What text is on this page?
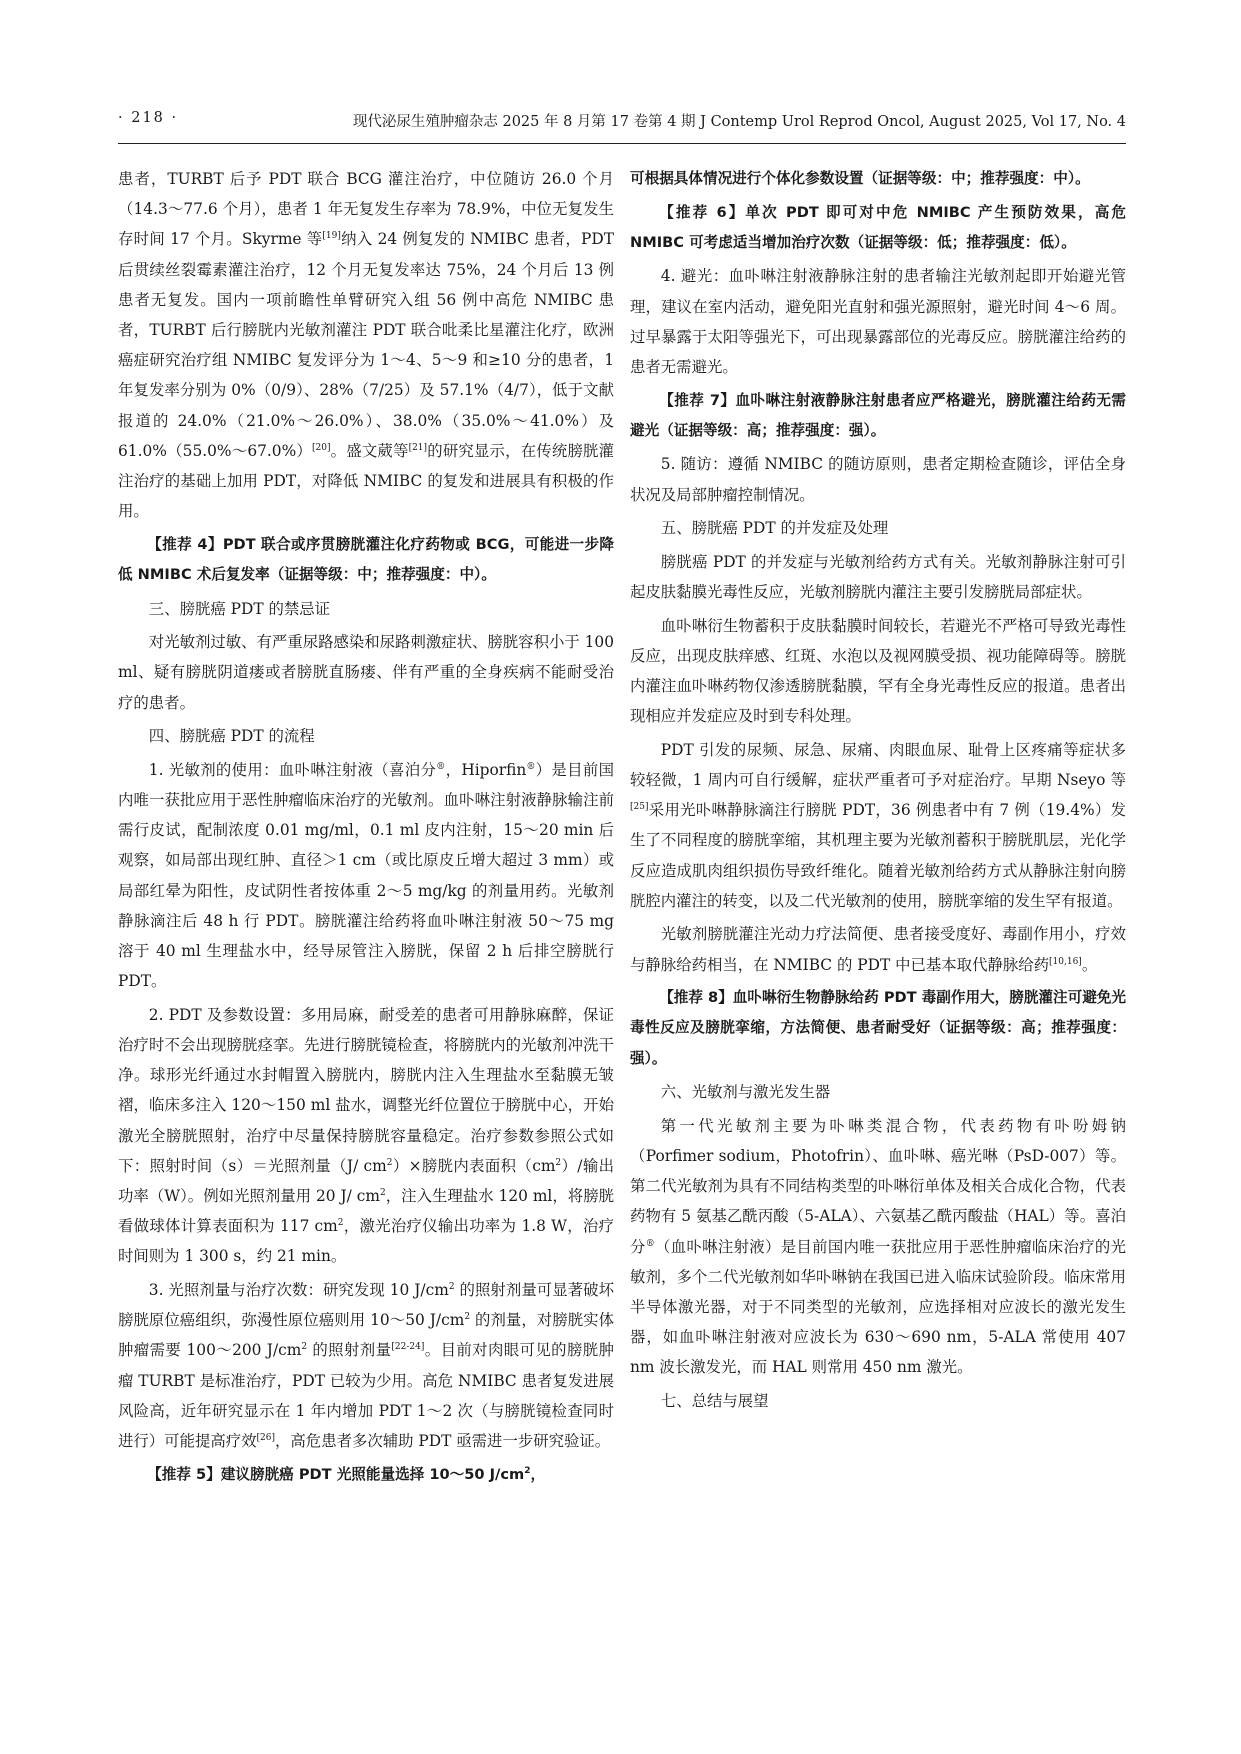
· 218 ·	现代泌尿生殖肿瘤杂志 2025 年 8 月第 17 卷第 4 期 J Contemp Urol Reprod Oncol, August 2025, Vol 17, No. 4

患者，TURBT 后予 PDT 联合 BCG 灌注治疗，中位随访 26.0 个月（14.3～77.6 个月），患者 1 年无复发生存率为 78.9%，中位无复发生存时间 17 个月。Skyrme 等[19]纳入 24 例复发的 NMIBC 患者，PDT 后贯续丝裂霉素灌注治疗，12 个月无复发率达 75%，24 个月后 13 例患者无复发。国内一项前瞻性单臂研究入组 56 例中高危 NMIBC 患者，TURBT 后行膀胱内光敏剂灌注 PDT 联合吡柔比星灌注化疗，欧洲癌症研究治疗组 NMIBC 复发评分为 1～4、5～9 和≥10 分的患者，1 年复发率分别为 0%（0/9）、28%（7/25）及 57.1%（4/7），低于文献报道的 24.0%（21.0%～26.0%）、38.0%（35.0%～41.0%）及 61.0%（55.0%～67.0%）[20]。盛文葳等[21]的研究显示，在传统膀胱灌注治疗的基础上加用 PDT，对降低 NMIBC 的复发和进展具有积极的作用。

【推荐 4】PDT 联合或序贯膀胱灌注化疗药物或 BCG，可能进一步降低 NMIBC 术后复发率（证据等级：中；推荐强度：中）。

三、膀胱癌 PDT 的禁忌证

对光敏剂过敏、有严重尿路感染和尿路刺激症状、膀胱容积小于 100 ml、疑有膀胱阴道瘘或者膀胱直肠瘘、伴有严重的全身疾病不能耐受治疗的患者。

四、膀胱癌 PDT 的流程

1. 光敏剂的使用：血卟啉注射液（喜泊分®，Hiporfin®）是目前国内唯一获批应用于恶性肿瘤临床治疗的光敏剂。血卟啉注射液静脉输注前需行皮试，配制浓度 0.01 mg/ml，0.1 ml 皮内注射，15～20 min 后观察，如局部出现红肿、直径＞1 cm（或比原皮丘增大超过 3 mm）或局部红晕为阳性，皮试阴性者按体重 2～5 mg/kg 的剂量用药。光敏剂静脉滴注后 48 h 行 PDT。膀胱灌注给药将血卟啉注射液 50～75 mg 溶于 40 ml 生理盐水中，经导尿管注入膀胱，保留 2 h 后排空膀胱行 PDT。

2. PDT 及参数设置：多用局麻，耐受差的患者可用静脉麻醉，保证治疗时不会出现膀胱痉挛。先进行膀胱镜检查，将膀胱内的光敏剂冲洗干净。球形光纤通过水封帽置入膀胱内，膀胱内注入生理盐水至黏膜无皱褶，临床多注入 120～150 ml 盐水，调整光纤位置位于膀胱中心，开始激光全膀胱照射，治疗中尽量保持膀胱容量稳定。治疗参数参照公式如下：照射时间（s）＝光照剂量（J/ $cm^2)\times$膀胱内表面积$(cm^2)/$输出功率（W）。例如光照剂量用 20 J/ $cm^2$，注入生理盐水 120 ml，将膀胱看做球体计算表面积为 117 $cm^2$，激光治疗仪输出功率为 1.8 W，治疗时间则为 1 300 s，约 21 min。

3. 光照剂量与治疗次数：研究发现 10 $J/cm^2$ 的照射剂量可显著破坏膀胱原位癌组织，弥漫性原位癌则用 10～50 $J/cm^2$ 的剂量，对膀胱实体肿瘤需要 100～200 $J/cm^2$ 的照射剂量[22-24]。目前对肉眼可见的膀胱肿瘤 TURBT 是标准治疗，PDT 已较为少用。高危 NMIBC 患者复发进展风险高，近年研究显示在 1 年内增加 PDT 1～2 次（与膀胱镜检查同时进行）可能提高疗效[26]，高危患者多次辅助 PDT 亟需进一步研究验证。

【推荐 5】建议膀胱癌 PDT 光照能量选择 10～50 $J/cm^2$，

可根据具体情况进行个体化参数设置（证据等级：中；推荐强度：中）。

【推荐 6】单次 PDT 即可对中危 NMIBC 产生预防效果，高危 NMIBC 可考虑适当增加治疗次数（证据等级：低；推荐强度：低）。

4. 避光：血卟啉注射液静脉注射的患者输注光敏剂起即开始避光管理，建议在室内活动，避免阳光直射和强光源照射，避光时间 4～6 周。过早暴露于太阳等强光下，可出现暴露部位的光毒反应。膀胱灌注给药的患者无需避光。

【推荐 7】血卟啉注射液静脉注射患者应严格避光，膀胱灌注给药无需避光（证据等级：高；推荐强度：强）。

5. 随访：遵循 NMIBC 的随访原则，患者定期检查随诊，评估全身状况及局部肿瘤控制情况。

五、膀胱癌 PDT 的并发症及处理

膀胱癌 PDT 的并发症与光敏剂给药方式有关。光敏剂静脉注射可引起皮肤黏膜光毒性反应，光敏剂膀胱内灌注主要引发膀胱局部症状。

血卟啉衍生物蓄积于皮肤黏膜时间较长，若避光不严格可导致光毒性反应，出现皮肤痒感、红斑、水泡以及视网膜受损、视功能障碍等。膀胱内灌注血卟啉药物仅渗透膀胱黏膜，罕有全身光毒性反应的报道。患者出现相应并发症应及时到专科处理。

PDT 引发的尿频、尿急、尿痛、肉眼血尿、耻骨上区疼痛等症状多较轻微，1 周内可自行缓解，症状严重者可予对症治疗。早期 Nseyo 等[25]采用光卟啉静脉滴注行膀胱 PDT，36 例患者中有 7 例（19.4%）发生了不同程度的膀胱挛缩，其机理主要为光敏剂蓄积于膀胱肌层，光化学反应造成肌肉组织损伤导致纤维化。随着光敏剂给药方式从静脉注射向膀胱腔内灌注的转变，以及二代光敏剂的使用，膀胱挛缩的发生罕有报道。

光敏剂膀胱灌注光动力疗法简便、患者接受度好、毒副作用小，疗效与静脉给药相当，在 NMIBC 的 PDT 中已基本取代静脉给药[10,16]。

【推荐 8】血卟啉衍生物静脉给药 PDT 毒副作用大，膀胱灌注可避免光毒性反应及膀胱挛缩，方法简便、患者耐受好（证据等级：高；推荐强度：强）。

六、光敏剂与激光发生器

第一代光敏剂主要为卟啉类混合物，代表药物有卟吩姆钠（Porfimer sodium，Photofrin）、血卟啉、癌光啉（PsD-007）等。第二代光敏剂为具有不同结构类型的卟啉衍单体及相关合成化合物，代表药物有 5 氨基乙酰丙酸（5-ALA）、六氨基乙酰丙酸盐（HAL）等。喜泊分®（血卟啉注射液）是目前国内唯一获批应用于恶性肿瘤临床治疗的光敏剂，多个二代光敏剂如华卟啉钠在我国已进入临床试验阶段。临床常用半导体激光器，对于不同类型的光敏剂，应选择相对应波长的激光发生器，如血卟啉注射液对应波长为 630～690 nm，5-ALA 常使用 407 nm 波长激发光，而 HAL 则常用 450 nm 激光。

七、总结与展望
